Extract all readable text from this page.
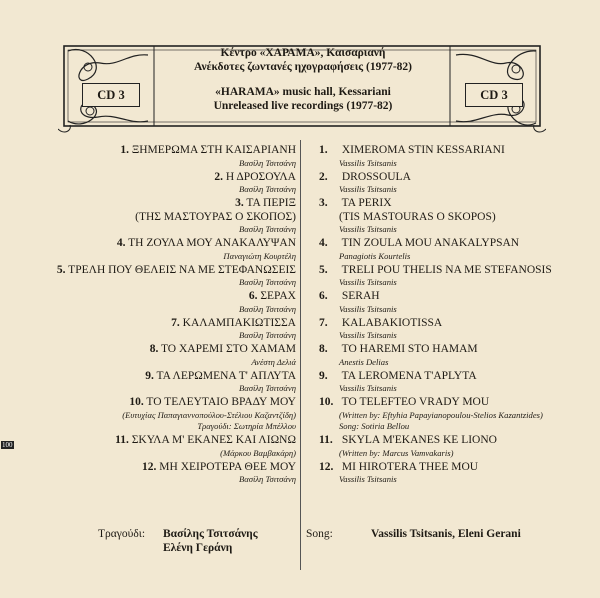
CD 3	CD 3
Κέντρο «ΧΑΡΑΜΑ», Καισαριανή
Ανέκδοτες ζωντανές ηχογραφήσεις (1977-82)
«HARAMA» music hall, Kessariani
Unreleased live recordings (1977-82)
1. ΞΗΜΕΡΩΜΑ ΣΤΗ ΚΑΙΣΑΡΙΑΝΗ
Βασίλη Τσιτσάνη
2. Η ΔΡΟΣΟΥΛΑ
Βασίλη Τσιτσάνη
3. ΤΑ ΠΕΡΙΞ
(ΤΗΣ ΜΑΣΤΟΥΡΑΣ Ο ΣΚΟΠΟΣ)
Βασίλη Τσιτσάνη
4. ΤΗ ΖΟΥΛΑ ΜΟΥ ΑΝΑΚΑΛΥΨΑΝ
Παναγιώτη Κουρτέλη
5. ΤΡΕΛΗ ΠΟΥ ΘΕΛΕΙΣ ΝΑ ΜΕ ΣΤΕΦΑΝΩΣΕΙΣ
Βασίλη Τσιτσάνη
6. ΣΕΡΑΧ
Βασίλη Τσιτσάνη
7. ΚΑΛΑΜΠΑΚΙΩΤΙΣΣΑ
Βασίλη Τσιτσάνη
8. ΤΟ ΧΑΡΕΜΙ ΣΤΟ ΧΑΜΑΜ
Ανέστη Δελιά
9. ΤΑ ΛΕΡΩΜΕΝΑ Τ' ΑΠΛΥΤΑ
Βασίλη Τσιτσάνη
10. ΤΟ ΤΕΛΕΥΤΑΙΟ ΒΡΑΔΥ ΜΟΥ
(Ευτυχίας Παπαγιαννοπούλου-Στέλιου Καζαντζίδη)
Τραγούδι: Σωτηρία Μπέλλου
11. ΣΚΥΛΑ Μ' ΕΚΑΝΕΣ ΚΑΙ ΛΙΩΝΩ
(Μάρκου Βαμβακάρη)
12. ΜΗ ΧΕΙΡΟΤΕΡΑ ΘΕΕ ΜΟΥ
Βασίλη Τσιτσάνη
1. XIMEROMA STIN KESSARIANI
Vassilis Tsitsanis
2. DROSSOULA
Vassilis Tsitsanis
3. TA PERIX
(TIS MASTOURAS O SKOPOS)
Vassilis Tsitsanis
4. TIN ZOULA MOU ANAKALYPSAN
Panagiotis Kourtelis
5. TRELI POU THELIS NA ME STEFANOSIS
Vassilis Tsitsanis
6. SERAH
Vassilis Tsitsanis
7. KALABAKIOTISSA
Vassilis Tsitsanis
8. TO HAREMI STO HAMAM
Anestis Delias
9. TA LEROMENA T'APLYTA
Vassilis Tsitsanis
10. TO TELEFTEO VRADY MOU
(Written by: Eftyhia Papayianopoulou-Stelios Kazantzides)
Song: Sotiria Bellou
11. SKYLA M'EKANES KE LIONO
(Written by: Marcus Vamvakaris)
12. MI HIROTERA THEE MOU
Vassilis Tsitsanis
100
Τραγούδι: Βασίλης Τσιτσάνης
Ελένη Γεράνη
Song:	Vassilis Tsitsanis, Eleni Gerani
